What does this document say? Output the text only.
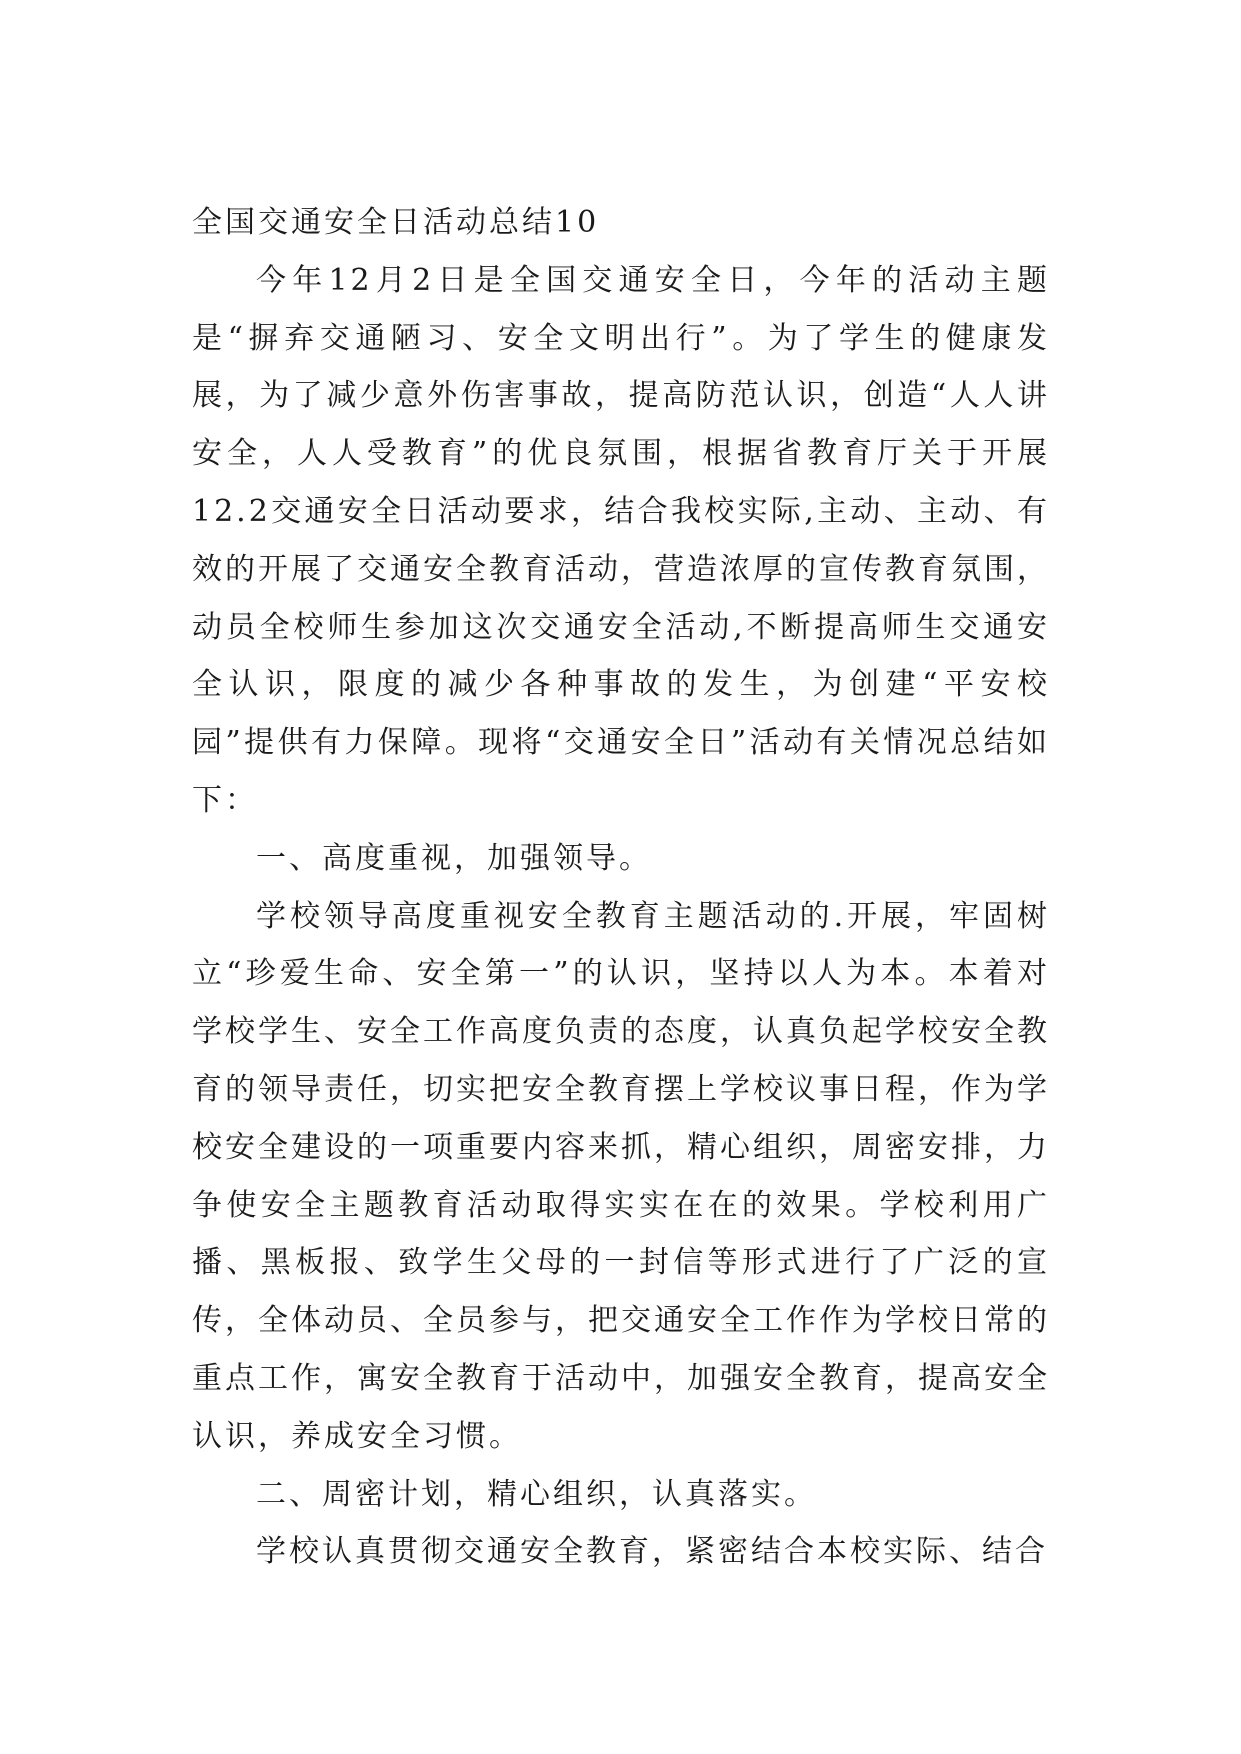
全国交通安全日活动总结10

今年12月2日是全国交通安全日，今年的活动主题是“摒弃交通陋习、安全文明出行”。为了学生的健康发展，为了减少意外伤害事故，提高防范认识，创造“人人讲安全，人人受教育”的优良氛围，根据省教育厅关于开展12.2交通安全日活动要求，结合我校实际,主动、主动、有效的开展了交通安全教育活动，营造浓厚的宣传教育氛围，动员全校师生参加这次交通安全活动,不断提高师生交通安全认识，限度的减少各种事故的发生，为创建“平安校园”提供有力保障。现将“交通安全日”活动有关情况总结如下：

一、高度重视，加强领导。

学校领导高度重视安全教育主题活动的.开展，牢固树立“珍爱生命、安全第一”的认识，坚持以人为本。本着对学校学生、安全工作高度负责的态度，认真负起学校安全教育的领导责任，切实把安全教育摆上学校议事日程，作为学校安全建设的一项重要内容来抓，精心组织，周密安排，力争使安全主题教育活动取得实实在在的效果。学校利用广播、黑板报、致学生父母的一封信等形式进行了广泛的宣传，全体动员、全员参与，把交通安全工作作为学校日常的重点工作，寓安全教育于活动中，加强安全教育，提高安全认识，养成安全习惯。

二、周密计划，精心组织，认真落实。

学校认真贯彻交通安全教育，紧密结合本校实际、结合
